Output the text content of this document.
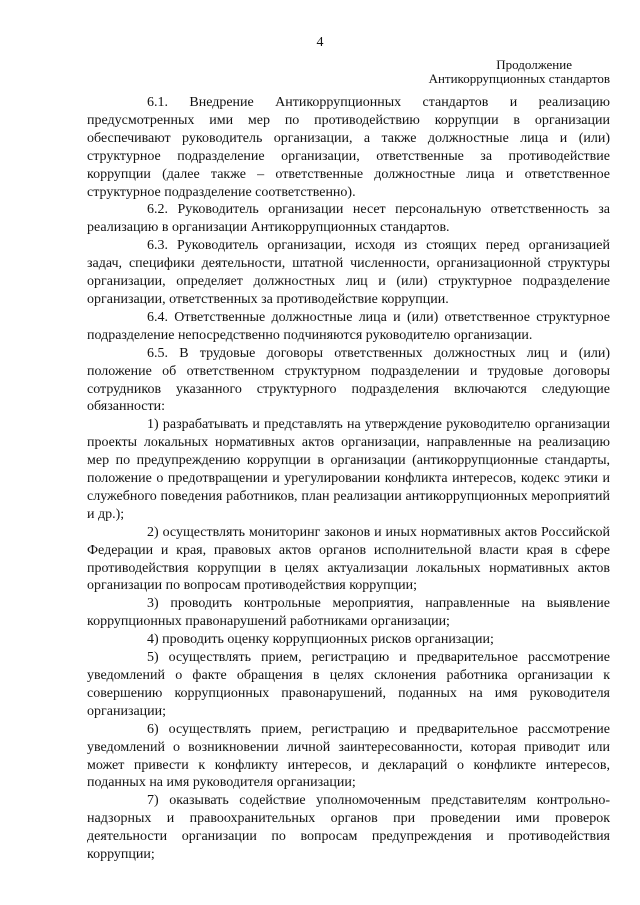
4
Продолжение
Антикоррупционных стандартов

6.1. Внедрение Антикоррупционных стандартов и реализацию предусмотренных ими мер по противодействию коррупции в организации обеспечивают руководитель организации, а также должностные лица и (или) структурное подразделение организации, ответственные за противодействие коррупции (далее также – ответственные должностные лица и ответственное структурное подразделение соответственно).

6.2. Руководитель организации несет персональную ответственность за реализацию в организации Антикоррупционных стандартов.

6.3. Руководитель организации, исходя из стоящих перед организацией задач, специфики деятельности, штатной численности, организационной структуры организации, определяет должностных лиц и (или) структурное подразделение организации, ответственных за противодействие коррупции.

6.4. Ответственные должностные лица и (или) ответственное структурное подразделение непосредственно подчиняются руководителю организации.

6.5. В трудовые договоры ответственных должностных лиц и (или) положение об ответственном структурном подразделении и трудовые договоры сотрудников указанного структурного подразделения включаются следующие обязанности:

1) разрабатывать и представлять на утверждение руководителю организации проекты локальных нормативных актов организации, направленные на реализацию мер по предупреждению коррупции в организации (антикоррупционные стандарты, положение о предотвращении и урегулировании конфликта интересов, кодекс этики и служебного поведения работников, план реализации антикоррупционных мероприятий и др.);

2) осуществлять мониторинг законов и иных нормативных актов Российской Федерации и края, правовых актов органов исполнительной власти края в сфере противодействия коррупции в целях актуализации локальных нормативных актов организации по вопросам противодействия коррупции;

3) проводить контрольные мероприятия, направленные на выявление коррупционных правонарушений работниками организации;

4) проводить оценку коррупционных рисков организации;

5) осуществлять прием, регистрацию и предварительное рассмотрение уведомлений о факте обращения в целях склонения работника организации к совершению коррупционных правонарушений, поданных на имя руководителя организации;

6) осуществлять прием, регистрацию и предварительное рассмотрение уведомлений о возникновении личной заинтересованности, которая приводит или может привести к конфликту интересов, и деклараций о конфликте интересов, поданных на имя руководителя организации;

7) оказывать содействие уполномоченным представителям контрольно-надзорных и правоохранительных органов при проведении ими проверок деятельности организации по вопросам предупреждения и противодействия коррупции;
